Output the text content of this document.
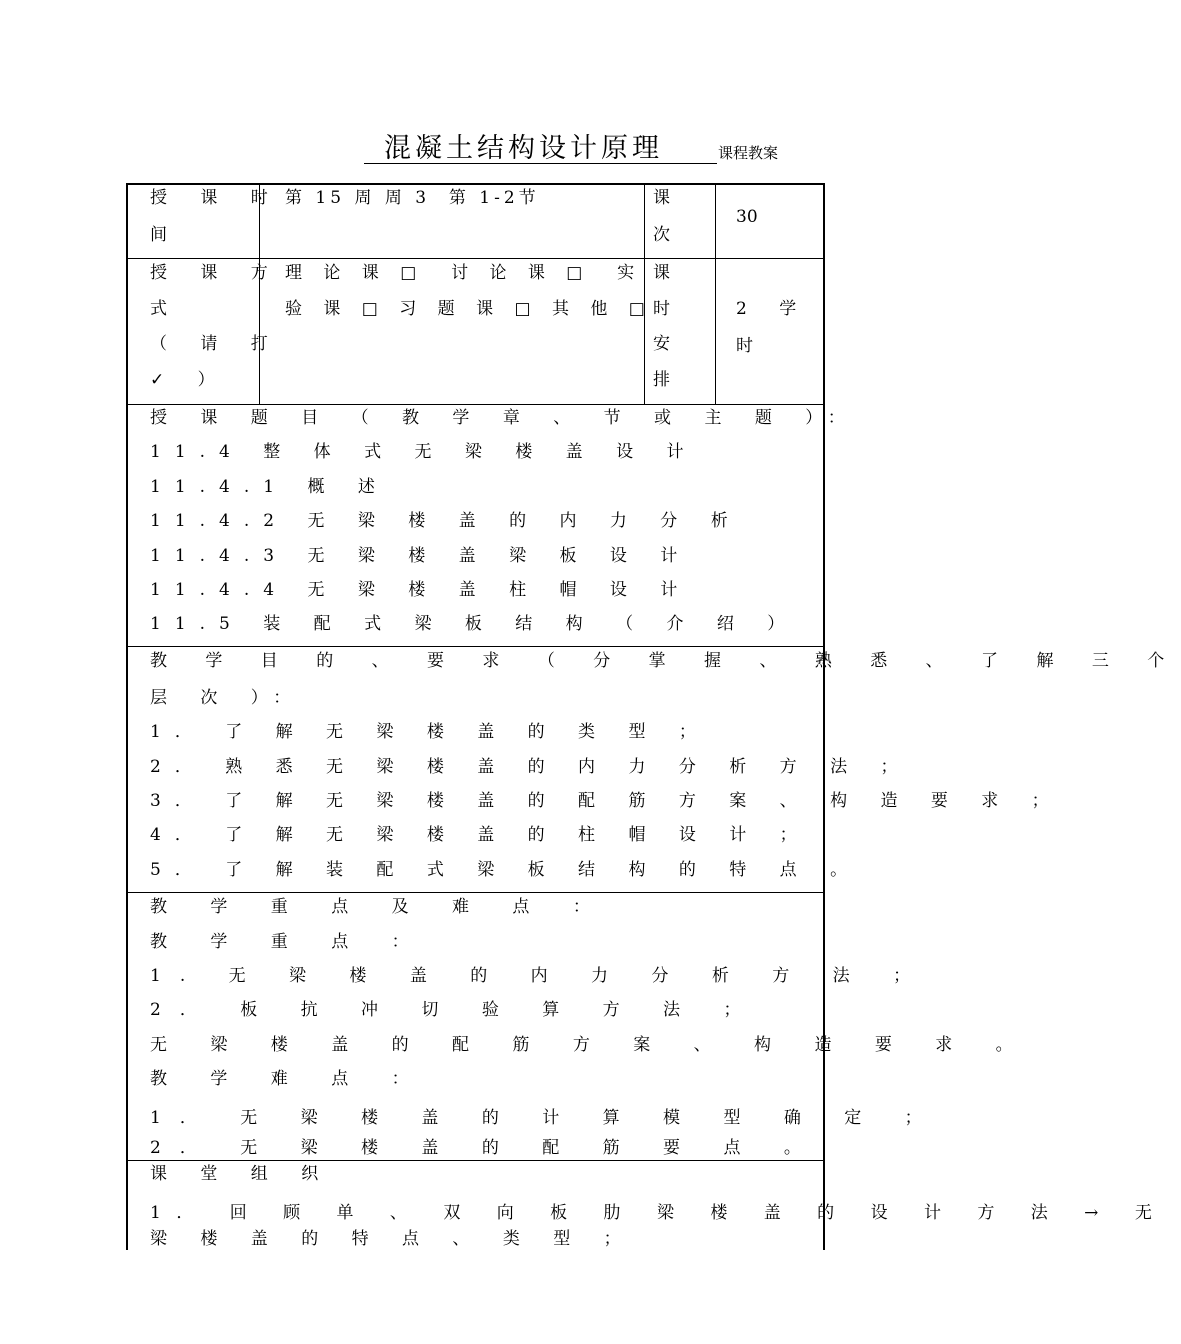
混凝土结构设计原理	课程教案
授 课 时
间
第 15 周 周 3  第 1-2节	课
次
30
授 课 方
式
（ 请 打
✓ ）
理 论 课 □  讨 论 课 □  实
验 课 □ 习 题 课 □ 其 他 □
课
时
安
排
2      学
时
授 课 题 目 （ 教 学 章 、 节 或 主 题 ）：
11.4 整 体 式 无 梁 楼 盖 设 计
11.4.1 概 述
11.4.2 无 梁 楼 盖 的 内 力 分 析
11.4.3 无 梁 楼 盖 梁 板 设 计
11.4.4 无 梁 楼 盖 柱 帽 设 计
11.5 装 配 式 梁 板 结 构 （ 介 绍 ）
教 学 目 的 、 要 求 （ 分 掌 握 、 熟 悉 、 了 解 三 个
层 次 ）：
1． 了 解 无 梁 楼 盖 的 类 型 ；
2． 熟 悉 无 梁 楼 盖 的 内 力 分 析 方 法 ；
3． 了 解 无 梁 楼 盖 的 配 筋 方 案 、 构 造 要 求 ；
4． 了 解 无 梁 楼 盖 的 柱 帽 设 计 ；
5． 了 解 装 配 式 梁 板 结 构 的 特 点 。
教 学 重 点 及 难 点 ：
教 学 重 点 ：
1. 无 梁 楼 盖 的 内 力 分 析 方 法 ；
2． 板 抗 冲 切 验 算 方 法 ；
无 梁 楼 盖 的 配 筋 方 案 、 构 造 要 求 。
教 学 难 点 ：
1． 无 梁 楼 盖 的 计 算 模 型 确 定 ；
2． 无 梁 楼 盖 的 配 筋 要 点 。
课 堂 组 织
1． 回 顾 单 、 双 向 板 肋 梁 楼 盖 的 设 计 方 法 → 无
梁 楼 盖 的 特 点 、 类 型 ；
